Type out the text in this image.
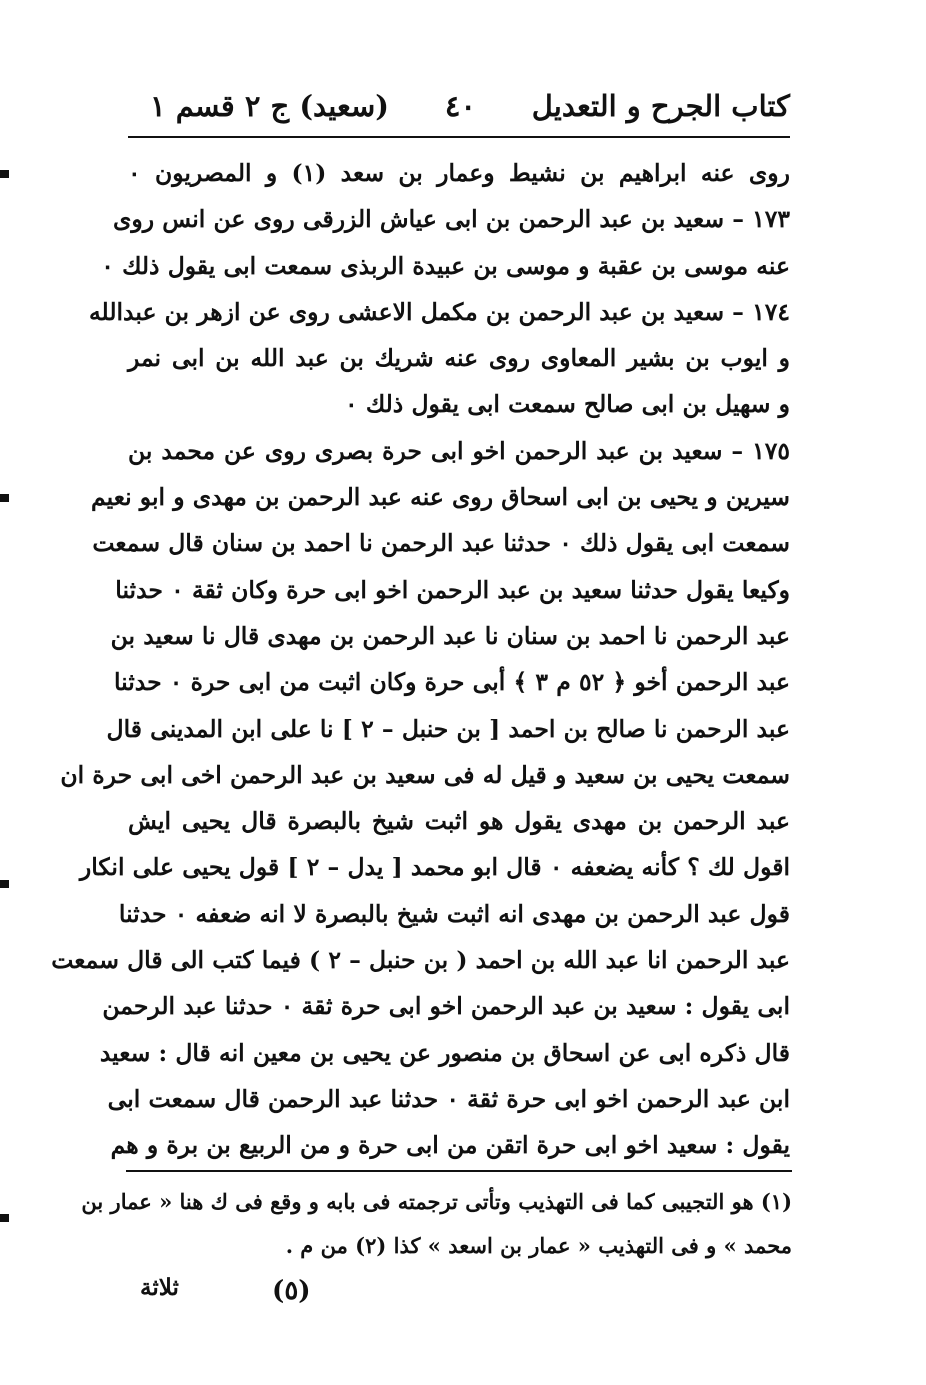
كتاب الجرح و التعديل
٤٠
(سعيد) ج ٢ قسم ١
روى عنه ابراهيم بن نشيط وعمار بن سعد (١) و المصريون ٠
١٧٣ – سعيد بن عبد الرحمن بن ابى عياش الزرقى روى عن انس روى
عنه موسى بن عقبة و موسى بن عبيدة الربذى سمعت ابى يقول ذلك ٠
١٧٤ – سعيد بن عبد الرحمن بن مكمل الاعشى روى عن ازهر بن عبدالله
و ايوب بن بشير المعاوى روى عنه شريك بن عبد الله بن ابى نمر
و سهيل بن ابى صالح سمعت ابى يقول ذلك ٠
١٧٥ – سعيد بن عبد الرحمن اخو ابى حرة بصرى روى عن محمد بن
سيرين و يحيى بن ابى اسحاق روى عنه عبد الرحمن بن مهدى و ابو نعيم
سمعت ابى يقول ذلك ٠ حدثنا عبد الرحمن نا احمد بن سنان قال سمعت
وكيعا يقول حدثنا سعيد بن عبد الرحمن اخو ابى حرة وكان ثقة ٠ حدثنا
عبد الرحمن نا احمد بن سنان نا عبد الرحمن بن مهدى قال نا سعيد بن
عبد الرحمن أخو ﴿ ٥٢ م ٣ ﴾ أبى حرة وكان اثبت من ابى حرة ٠ حدثنا
عبد الرحمن نا صالح بن احمد [ بن حنبل – ٢ ] نا على ابن المدينى قال
سمعت يحيى بن سعيد و قيل له فى سعيد بن عبد الرحمن اخى ابى حرة ان
عبد الرحمن بن مهدى يقول هو اثبت شيخ بالبصرة قال يحيى ايش
اقول لك ؟ كأنه يضعفه ٠ قال ابو محمد [ يدل – ٢ ] قول يحيى على انكار
قول عبد الرحمن بن مهدى انه اثبت شيخ بالبصرة لا انه ضعفه ٠ حدثنا
عبد الرحمن انا عبد الله بن احمد ( بن حنبل – ٢ ) فيما كتب الى قال سمعت
ابى يقول : سعيد بن عبد الرحمن اخو ابى حرة ثقة ٠ حدثنا عبد الرحمن
قال ذكره ابى عن اسحاق بن منصور عن يحيى بن معين انه قال : سعيد
ابن عبد الرحمن اخو ابى حرة ثقة ٠ حدثنا عبد الرحمن قال سمعت ابى
يقول : سعيد اخو ابى حرة اتقن من ابى حرة و من الربيع بن برة و هم
(١) هو التجيبى كما فى التهذيب وتأتى ترجمته فى بابه و وقع فى ك هنا « عمار بن
محمد » و فى التهذيب « عمار بن اسعد » كذا (٢) من م .
ثلاثة	(٥)
